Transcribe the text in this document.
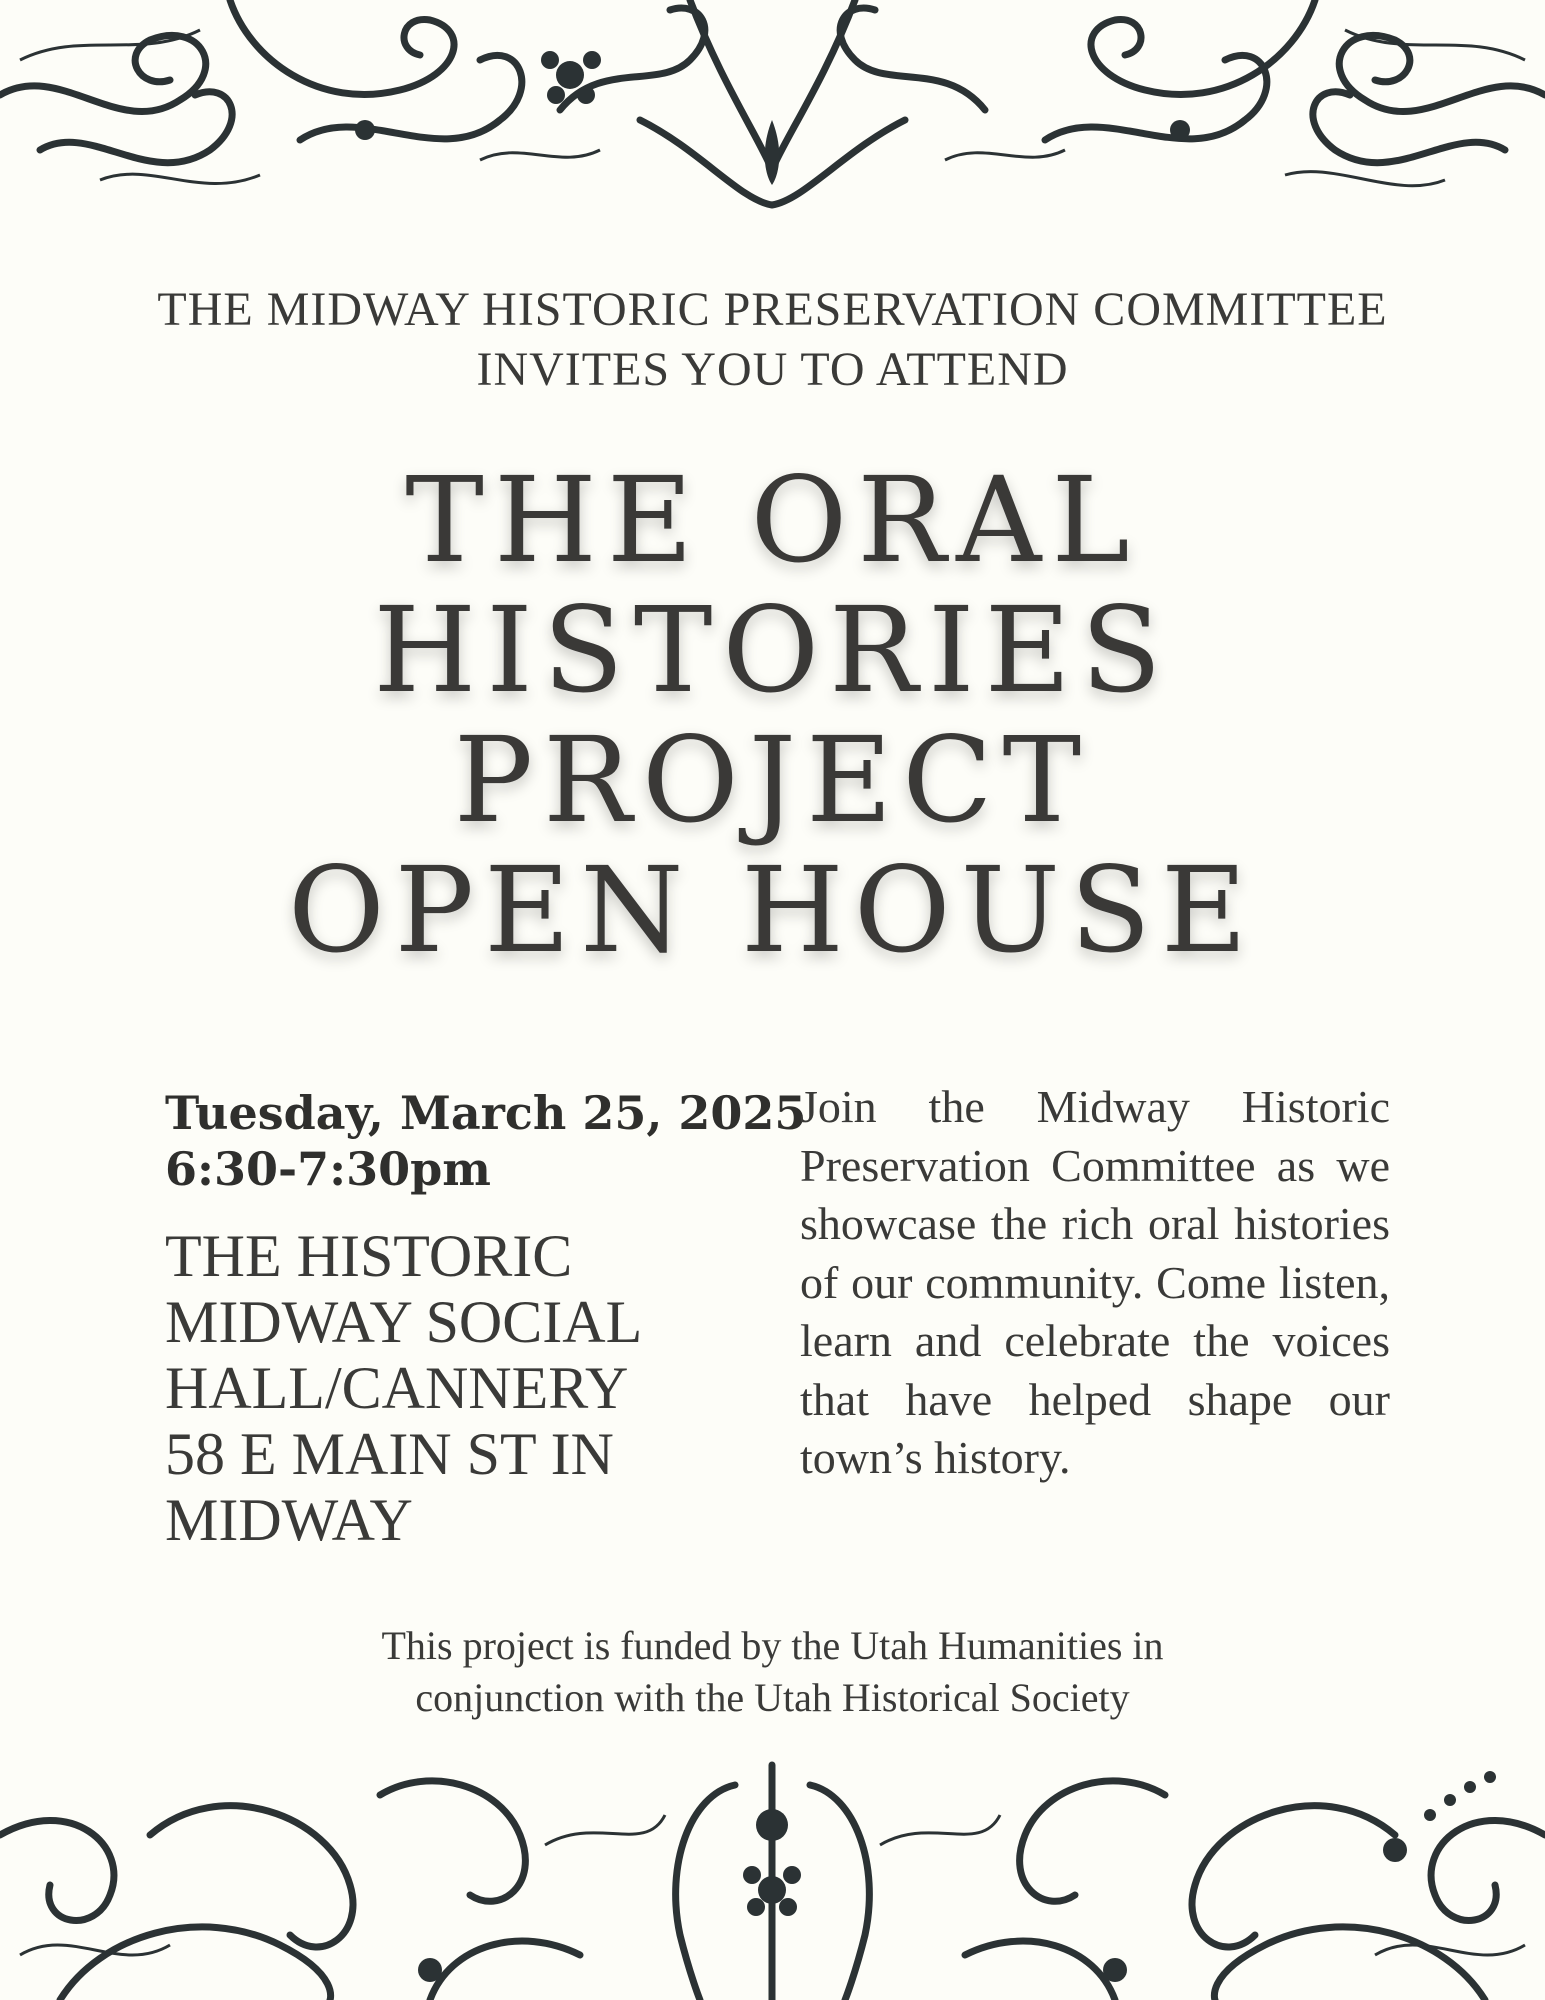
THE MIDWAY HISTORIC PRESERVATION COMMITTEE
INVITES YOU TO ATTEND
THE ORAL
HISTORIES
PROJECT
OPEN HOUSE
Tuesday, March 25, 2025
6:30-7:30pm
THE HISTORIC
MIDWAY SOCIAL
HALL/CANNERY
58 E MAIN ST IN
MIDWAY
Join the Midway Historic Preservation Committee as we showcase the rich oral histories of our community. Come listen, learn and celebrate the voices that have helped shape our town’s history.
This project is funded by the Utah Humanities in
conjunction with the Utah Historical Society
